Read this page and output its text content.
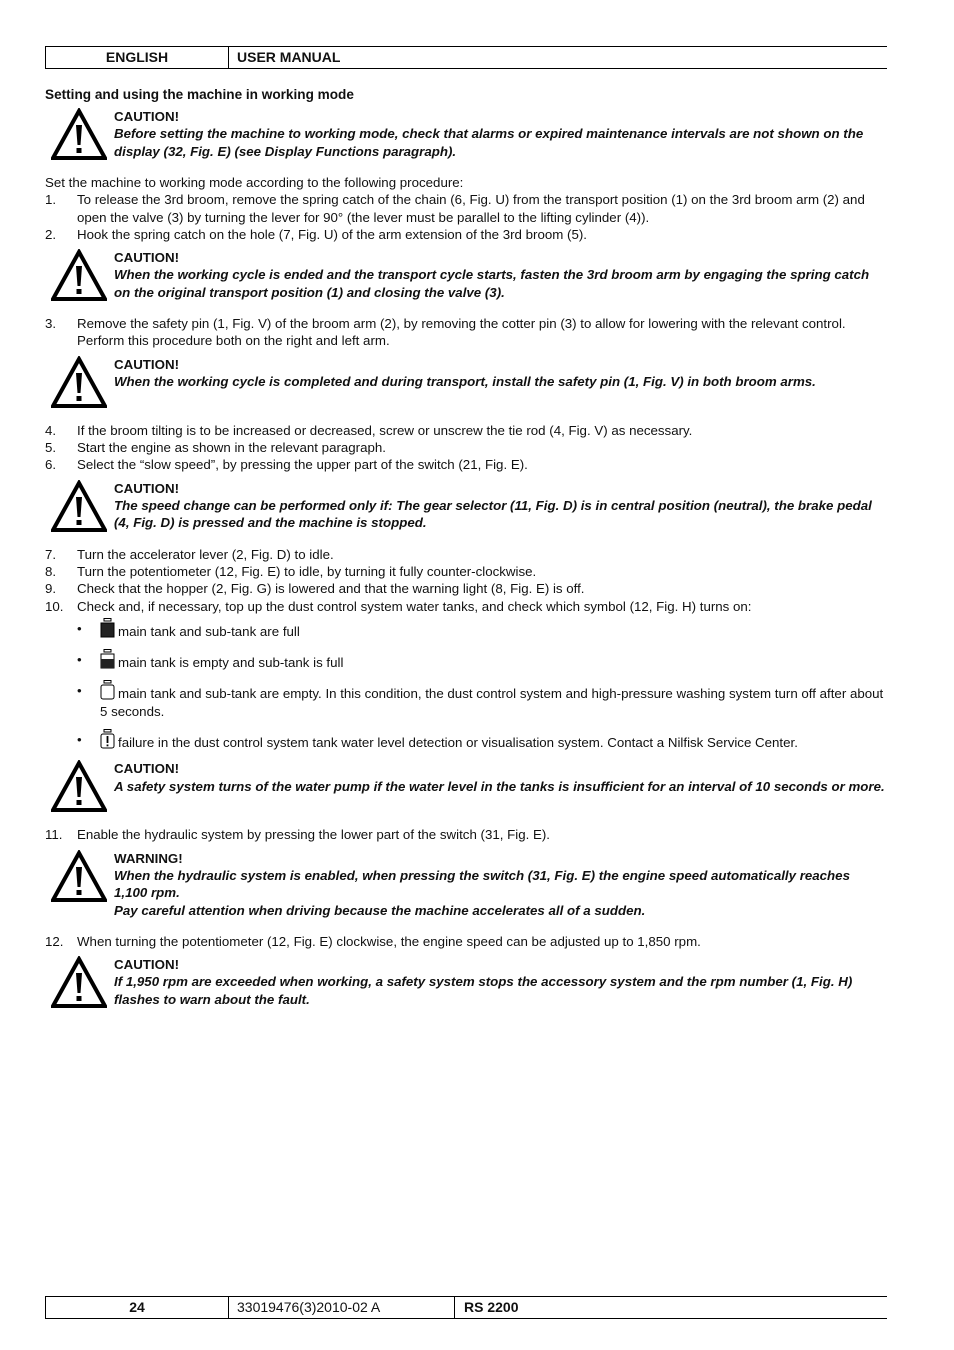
ENGLISH	USER MANUAL
Setting and using the machine in working mode
CAUTION!
Before setting the machine to working mode, check that alarms or expired maintenance intervals are not shown on the display (32, Fig. E) (see Display Functions paragraph).

Set the machine to working mode according to the following procedure:

1. To release the 3rd broom, remove the spring catch of the chain (6, Fig. U) from the transport position (1) on the 3rd broom arm (2) and open the valve (3) by turning the lever for 90° (the lever must be parallel to the lifting cylinder (4)).
2. Hook the spring catch on the hole (7, Fig. U) of the arm extension of the 3rd broom (5).
CAUTION!
When the working cycle is ended and the transport cycle starts, fasten the 3rd broom arm by engaging the spring catch on the original transport position (1) and closing the valve (3).
3. Remove the safety pin (1, Fig. V) of the broom arm (2), by removing the cotter pin (3) to allow for lowering with the relevant control. Perform this procedure both on the right and left arm.
CAUTION!
When the working cycle is completed and during transport, install the safety pin (1, Fig. V) in both broom arms.
4. If the broom tilting is to be increased or decreased, screw or unscrew the tie rod (4, Fig. V) as necessary.
5. Start the engine as shown in the relevant paragraph.
6. Select the “slow speed”, by pressing the upper part of the switch (21, Fig. E).
CAUTION!
The speed change can be performed only if: The gear selector (11, Fig. D) is in central position (neutral), the brake pedal (4, Fig. D) is pressed and the machine is stopped.
7. Turn the accelerator lever (2, Fig. D) to idle.
8. Turn the potentiometer (12, Fig. E) to idle, by turning it fully counter-clockwise.
9. Check that the hopper (2, Fig. G) is lowered and that the warning light (8, Fig. E) is off.
10. Check and, if necessary, top up the dust control system water tanks, and check which symbol (12, Fig. H) turns on:
•	main tank and sub-tank are full
•	main tank is empty and sub-tank is full
•	main tank and sub-tank are empty. In this condition, the dust control system and high-pressure washing system turn off after about 5 seconds.
•	failure in the dust control system tank water level detection or visualisation system. Contact a Nilfisk Service Center.
CAUTION!
A safety system turns of the water pump if the water level in the tanks is insufficient for an interval of 10 seconds or more.
11. Enable the hydraulic system by pressing the lower part of the switch (31, Fig. E).
WARNING!
When the hydraulic system is enabled, when pressing the switch (31, Fig. E) the engine speed automatically reaches 1,100 rpm.
Pay careful attention when driving because the machine accelerates all of a sudden.
12. When turning the potentiometer (12, Fig. E) clockwise, the engine speed can be adjusted up to 1,850 rpm.
CAUTION!
If 1,950 rpm are exceeded when working, a safety system stops the accessory system and the rpm number (1, Fig. H) flashes to warn about the fault.
24	33019476(3)2010-02 A	RS 2200
